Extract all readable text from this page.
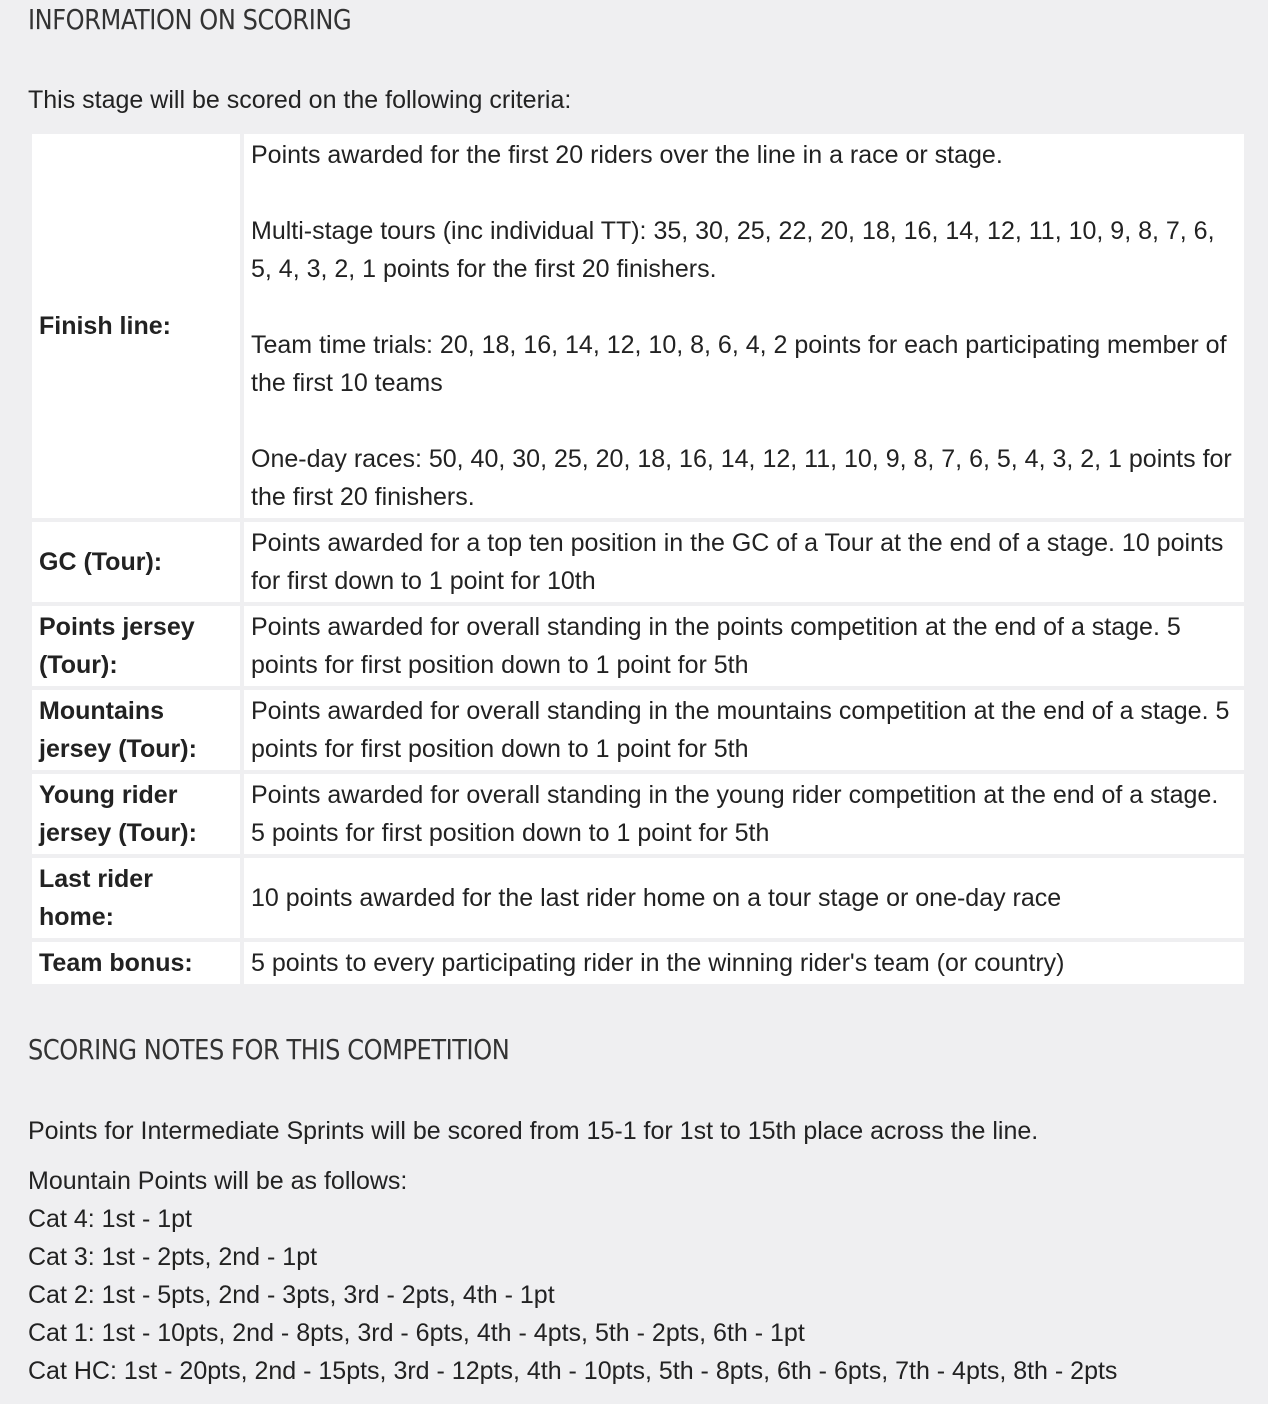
INFORMATION ON SCORING

This stage will be scored on the following criteria:

Finish line:	Points awarded for the first 20 riders over the line in a race or stage.

Multi-stage tours (inc individual TT): 35, 30, 25, 22, 20, 18, 16, 14, 12, 11, 10, 9, 8, 7, 6, 5, 4, 3, 2, 1 points for the first 20 finishers.

Team time trials: 20, 18, 16, 14, 12, 10, 8, 6, 4, 2 points for each participating member of the first 10 teams

One-day races: 50, 40, 30, 25, 20, 18, 16, 14, 12, 11, 10, 9, 8, 7, 6, 5, 4, 3, 2, 1 points for the first 20 finishers.

GC (Tour):	Points awarded for a top ten position in the GC of a Tour at the end of a stage. 10 points for first down to 1 point for 10th

Points jersey (Tour):	Points awarded for overall standing in the points competition at the end of a stage. 5 points for first position down to 1 point for 5th

Mountains jersey (Tour):	Points awarded for overall standing in the mountains competition at the end of a stage. 5 points for first position down to 1 point for 5th

Young rider jersey (Tour):	Points awarded for overall standing in the young rider competition at the end of a stage. 5 points for first position down to 1 point for 5th

Last rider home:	10 points awarded for the last rider home on a tour stage or one-day race

Team bonus:	5 points to every participating rider in the winning rider's team (or country)

SCORING NOTES FOR THIS COMPETITION

Points for Intermediate Sprints will be scored from 15-1 for 1st to 15th place across the line.

Mountain Points will be as follows:

Cat 4: 1st - 1pt

Cat 3: 1st - 2pts, 2nd - 1pt

Cat 2: 1st - 5pts, 2nd - 3pts, 3rd - 2pts, 4th - 1pt

Cat 1: 1st - 10pts, 2nd - 8pts, 3rd - 6pts, 4th - 4pts, 5th - 2pts, 6th - 1pt

Cat HC: 1st - 20pts, 2nd - 15pts, 3rd - 12pts, 4th - 10pts, 5th - 8pts, 6th - 6pts, 7th - 4pts, 8th - 2pts
